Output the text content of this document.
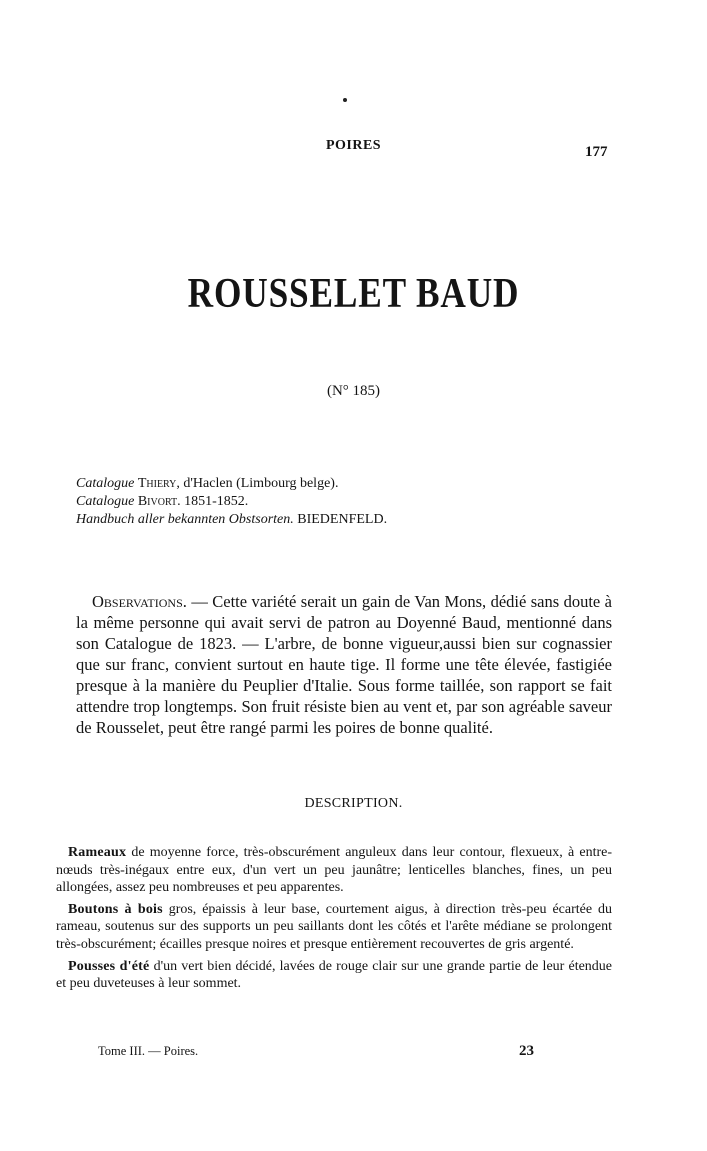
POIRES	177
ROUSSELET BAUD
(N° 185)
Catalogue Thiery, d'Haclen (Limbourg belge).
Catalogue Bivort. 1851-1852.
Handbuch aller bekannten Obstsorten. BIEDENFELD.

Observations. — Cette variété serait un gain de Van Mons, dédié sans doute à la même personne qui avait servi de patron au Doyenné Baud, mentionné dans son Catalogue de 1823. — L'arbre, de bonne vigueur,aussi bien sur cognassier que sur franc, convient surtout en haute tige. Il forme une tête élevée, fastigiée presque à la manière du Peuplier d'Italie. Sous forme taillée, son rapport se fait attendre trop longtemps. Son fruit résiste bien au vent et, par son agréable saveur de Rousselet, peut être rangé parmi les poires de bonne qualité.

DESCRIPTION.

Rameaux de moyenne force, très-obscurément anguleux dans leur contour, flexueux, à entre-nœuds très-inégaux entre eux, d'un vert un peu jaunâtre; lenticelles blanches, fines, un peu allongées, assez peu nombreuses et peu apparentes.

Boutons à bois gros, épaissis à leur base, courtement aigus, à direction très-peu écartée du rameau, soutenus sur des supports un peu saillants dont les côtés et l'arête médiane se prolongent très-obscurément; écailles presque noires et presque entièrement recouvertes de gris argenté.

Pousses d'été d'un vert bien décidé, lavées de rouge clair sur une grande partie de leur étendue et peu duveteuses à leur sommet.

Tome III. — Poires.	23
